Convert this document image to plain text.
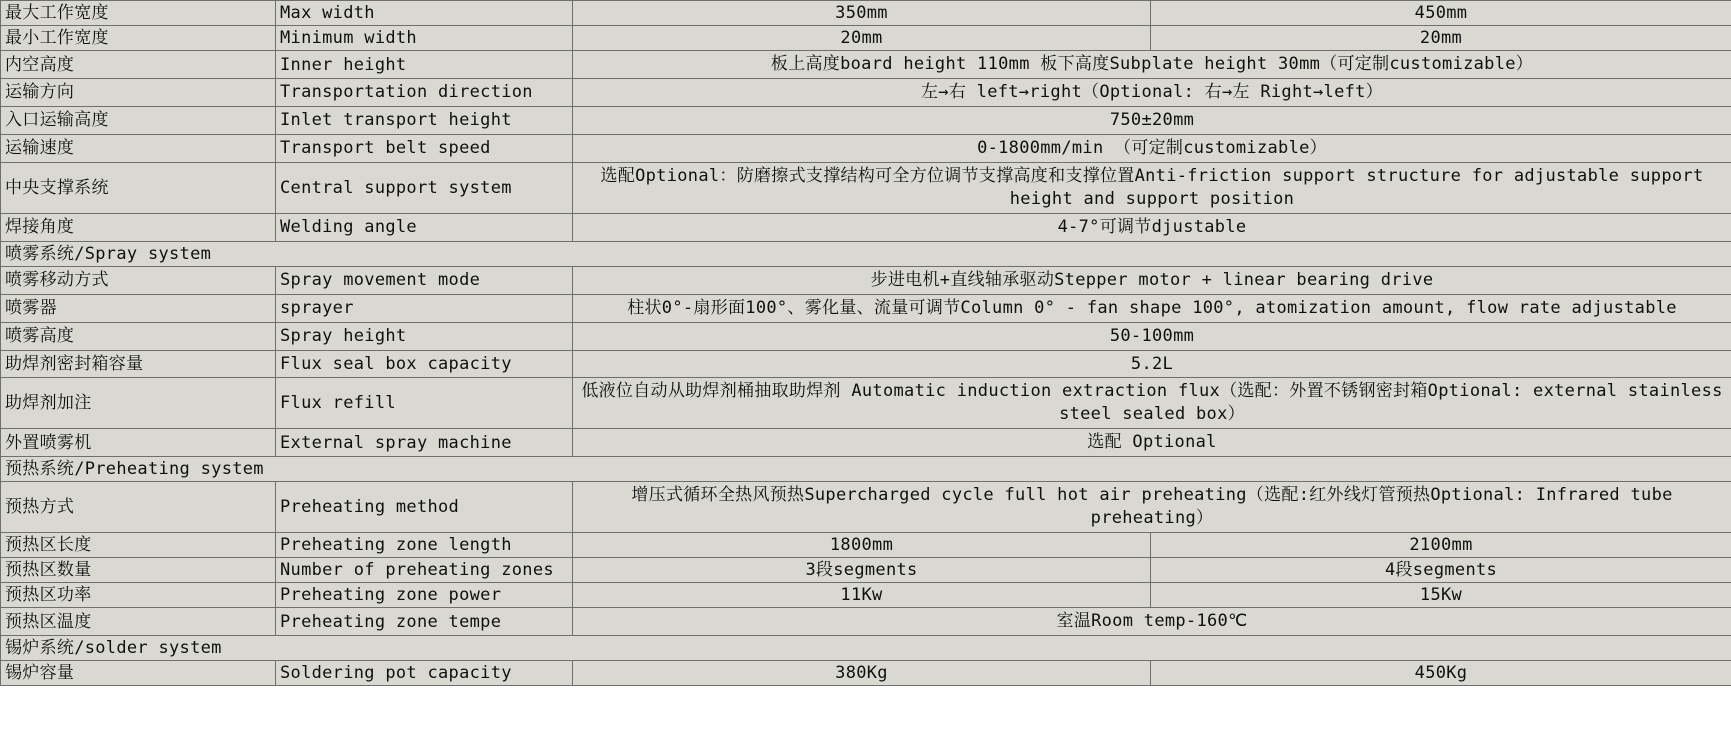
最大工作宽度	Max width	350mm	450mm
最小工作宽度	Minimum width	20mm	20mm
内空高度	Inner height	板上高度board height 110mm 板下高度Subplate height 30mm（可定制customizable）	

运输方向	Transportation direction	左→右 left→right（Optional: 右→左 Right→left）	

入口运输高度	Inlet transport height	750±20mm	

运输速度	Transport belt speed	0-1800mm/min （可定制customizable）	

中央支撑系统	Central support system	选配Optional：防磨擦式支撑结构可全方位调节支撑高度和支撑位置Anti-friction support structure for adjustable support height and support position	

焊接角度	Welding angle	4-7°可调节djustable	

喷雾系统/Spray system			
喷雾移动方式	Spray movement mode	步进电机+直线轴承驱动Stepper motor + linear bearing drive	

喷雾器	sprayer	柱状0°-扇形面100°、雾化量、流量可调节Column 0° - fan shape 100°, atomization amount, flow rate adjustable	

喷雾高度	Spray height	50-100mm	

助焊剂密封箱容量	Flux seal box capacity	5.2L	

助焊剂加注	Flux refill	低液位自动从助焊剂桶抽取助焊剂 Automatic induction extraction flux（选配：外置不锈钢密封箱Optional: external stainless steel sealed box）	

外置喷雾机	External spray machine	选配 Optional	

预热系统/Preheating system			
预热方式	Preheating method	增压式循环全热风预热Supercharged cycle full hot air preheating（选配:红外线灯管预热Optional: Infrared tube preheating）	

预热区长度	Preheating zone length	1800mm	2100mm
预热区数量	Number of preheating zones	3段segments	4段segments
预热区功率	Preheating zone power	11Kw	15Kw
预热区温度	Preheating zone tempe	室温Room temp-160℃	

锡炉系统/solder system			
锡炉容量	Soldering pot capacity	380Kg	450Kg
